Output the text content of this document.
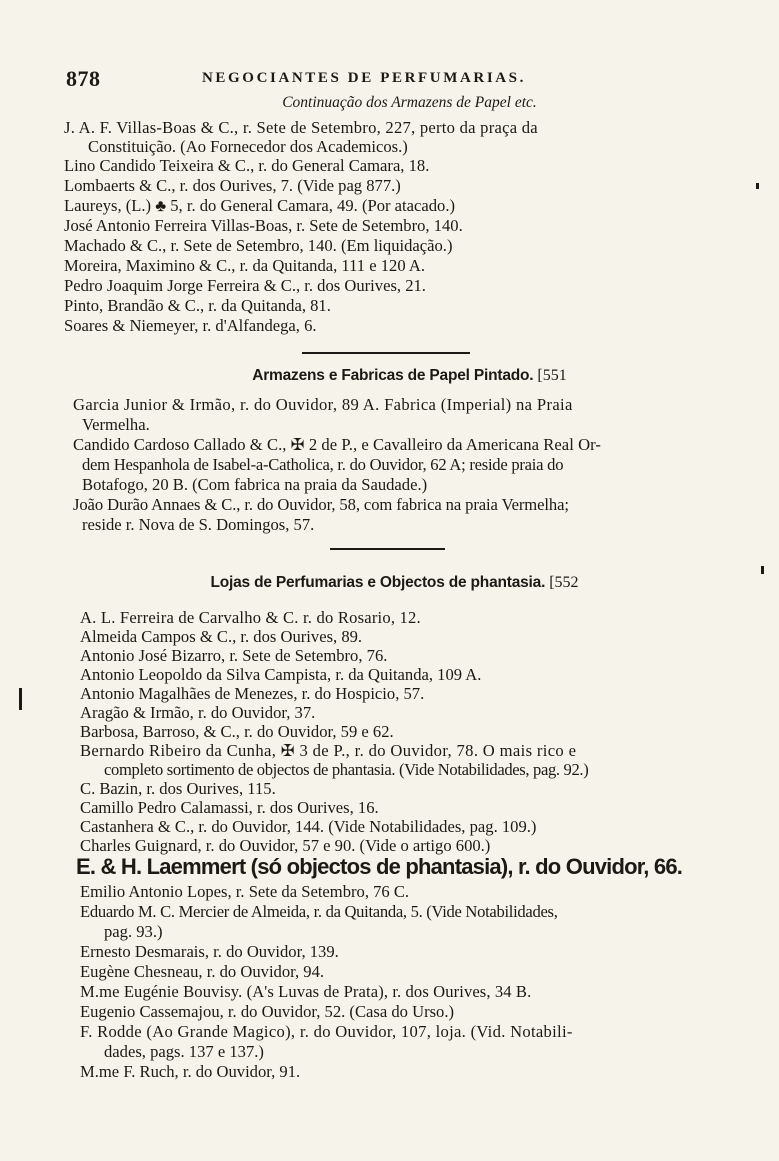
878	NEGOCIANTES DE PERFUMARIAS.
Continuação dos Armazens de Papel etc.
J. A. F. Villas-Boas & C., r. Sete de Setembro, 227, perto da praça da
Constituição. (Ao Fornecedor dos Academicos.)
Lino Candido Teixeira & C., r. do General Camara, 18.
Lombaerts & C., r. dos Ourives, 7. (Vide pag 877.)
Laureys, (L.) ♣ 5, r. do General Camara, 49. (Por atacado.)
José Antonio Ferreira Villas-Boas, r. Sete de Setembro, 140.
Machado & C., r. Sete de Setembro, 140. (Em liquidação.)
Moreira, Maximino & C., r. da Quitanda, 111 e 120 A.
Pedro Joaquim Jorge Ferreira & C., r. dos Ourives, 21.
Pinto, Brandão & C., r. da Quitanda, 81.
Soares & Niemeyer, r. d'Alfandega, 6.
Armazens e Fabricas de Papel Pintado. [551
Garcia Junior & Irmão, r. do Ouvidor, 89 A. Fabrica (Imperial) na Praia
Vermelha.
Candido Cardoso Callado & C., ✠ 2 de P., e Cavalleiro da Americana Real Or-
dem Hespanhola de Isabel-a-Catholica, r. do Ouvidor, 62 A; reside praia do
Botafogo, 20 B. (Com fabrica na praia da Saudade.)
João Durão Annaes & C., r. do Ouvidor, 58, com fabrica na praia Vermelha;
reside r. Nova de S. Domingos, 57.
Lojas de Perfumarias e Objectos de phantasia. [552
A. L. Ferreira de Carvalho & C. r. do Rosario, 12.
Almeida Campos & C., r. dos Ourives, 89.
Antonio José Bizarro, r. Sete de Setembro, 76.
Antonio Leopoldo da Silva Campista, r. da Quitanda, 109 A.
Antonio Magalhães de Menezes, r. do Hospicio, 57.
Aragão & Irmão, r. do Ouvidor, 37.
Barbosa, Barroso, & C., r. do Ouvidor, 59 e 62.
Bernardo Ribeiro da Cunha, ✠ 3 de P., r. do Ouvidor, 78. O mais rico e
completo sortimento de objectos de phantasia. (Vide Notabilidades, pag. 92.)
C. Bazin, r. dos Ourives, 115.
Camillo Pedro Calamassi, r. dos Ourives, 16.
Castanhera & C., r. do Ouvidor, 144. (Vide Notabilidades, pag. 109.)
Charles Guignard, r. do Ouvidor, 57 e 90. (Vide o artigo 600.)
E. & H. Laemmert (só objectos de phantasia), r. do Ouvidor, 66.
Emilio Antonio Lopes, r. Sete da Setembro, 76 C.
Eduardo M. C. Mercier de Almeida, r. da Quitanda, 5. (Vide Notabilidades,
pag. 93.)
Ernesto Desmarais, r. do Ouvidor, 139.
Eugène Chesneau, r. do Ouvidor, 94.
M.me Eugénie Bouvisy. (A's Luvas de Prata), r. dos Ourives, 34 B.
Eugenio Cassemajou, r. do Ouvidor, 52. (Casa do Urso.)
F. Rodde (Ao Grande Magico), r. do Ouvidor, 107, loja. (Vid. Notabili-
dades, pags. 137 e 137.)
M.me F. Ruch, r. do Ouvidor, 91.
